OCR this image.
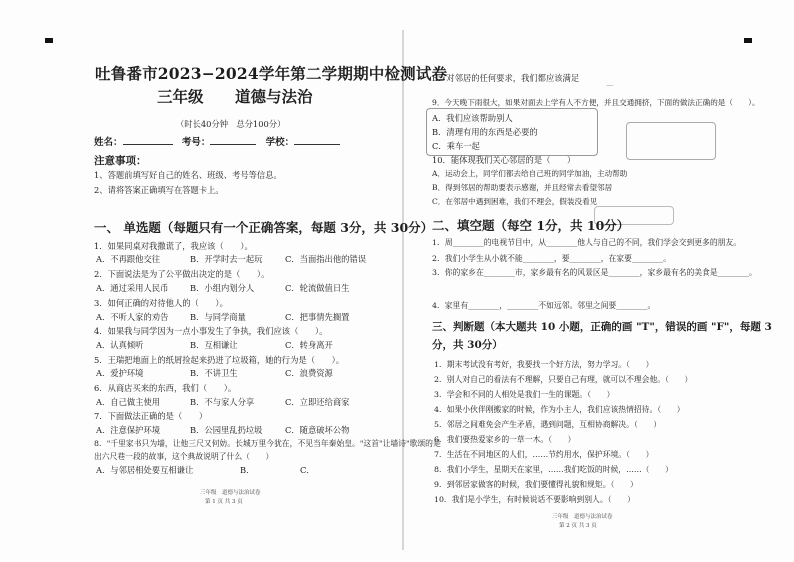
吐鲁番市2023−2024学年第二学期期中检测试卷
三年级 道德与法治
（时长40分钟　总分100分）
姓名：	考号：	学校：
注意事项：
1、答题前填写好自己的姓名、班级、考号等信息。
2、请将答案正确填写在答题卡上。
一、 单选题（每题只有一个正确答案，每题 3分，共 30分）
1．如果同桌对我撒谎了，我应该（　　）。
A．不再跟他交往	B．开学时去一起玩	C．当面指出他的错误
2．下面说法是为了公平做出决定的是（　　）。
A．通过采用人民币	B．小组内划分人	C．轮流做值日生
3．如何正确的对待他人的（　　）。
A．不听人家的劝告	B．与同学商量	C．把事情先搁置
4．如果我与同学因为一点小事发生了争执，我们应该（　　）。
A．认真倾听	B．互相谦让	C．转身离开
5．王瑞把地面上的纸屑捡起来扔进了垃圾箱，她的行为是（　　）。
A．爱护环境	B．不讲卫生	C．浪费资源
6．从商店买来的东西，我们（　　）。
A．自己做主使用	B．不与家人分享	C．立即还给商家
7．下面做法正确的是（　　）
A．注意保护环境	B．公园里乱扔垃圾	C．随意破坏公物
8．"千里家书只为墙，让他三尺又何妨。长城万里今犹在，不见当年秦始皇。"这首"让墙诗"歌颂的是
出六尺巷一段的故事，这个典故说明了什么（　　）
A．与邻居相处要互相谦让	B．	C．
三年级　道德与法治试卷
第 1 页 共 3 页
B．对邻居的任何要求，我们都应该满足
—
9．今天晚下雨很大，如果对面去上学有人不方便，并且交通拥挤，下面的做法正确的是（　　）。
A．我们应该帮助别人
B．清理有用的东西是必要的
C．乘车一起
10．能体现我们关心邻居的是（　　）
A．运动会上，同学们都去给自己班的同学加油，主动帮助
B．得到邻居的帮助要表示感谢，并且经常去看望邻居
C．在邻居中遇到困难，我们不理会，假装没看见
二、填空题（每空 1分，共 10分）
1．周________的电视节目中，从________他人与自己的不同，我们学会交到更多的朋友。
2．我们小学生从小就不能________，要________，在家要________。
3．你的家乡在________市，家乡最有名的风景区是________，家乡最有名的美食是________。
4．家里有________，________不如远邻。邻里之间要________。
三、判断题（本大题共 10 小题，正确的画 "T"，错误的画 "F"，每题 3分，共 30分）
1．期末考试没有考好，我要找一个好方法，努力学习。（　　）
2．别人对自己的看法有不理解，只要自己有理，就可以不理会他。（　　）
3．学会和不同的人相处是我们一生的课题。（　　）
4．如果小伙伴刚搬家的时候，作为小主人，我们应该热情招待。（　　）
5．邻居之间难免会产生矛盾，遇到问题，互相协商解决。（　　）
6．我们要热爱家乡的一草一木。（　　）
7．生活在不同地区的人们，……节约用水，保护环境。（　　）
8．我们小学生，星期天在家里，……我们吃饭的时候，……（　　）
9．到邻居家做客的时候，我们要懂得礼貌和规矩。（　　）
10．我们是小学生，有时候说话不要影响到别人。（　　）
三年级　道德与法治试卷
第 2 页 共 3 页
